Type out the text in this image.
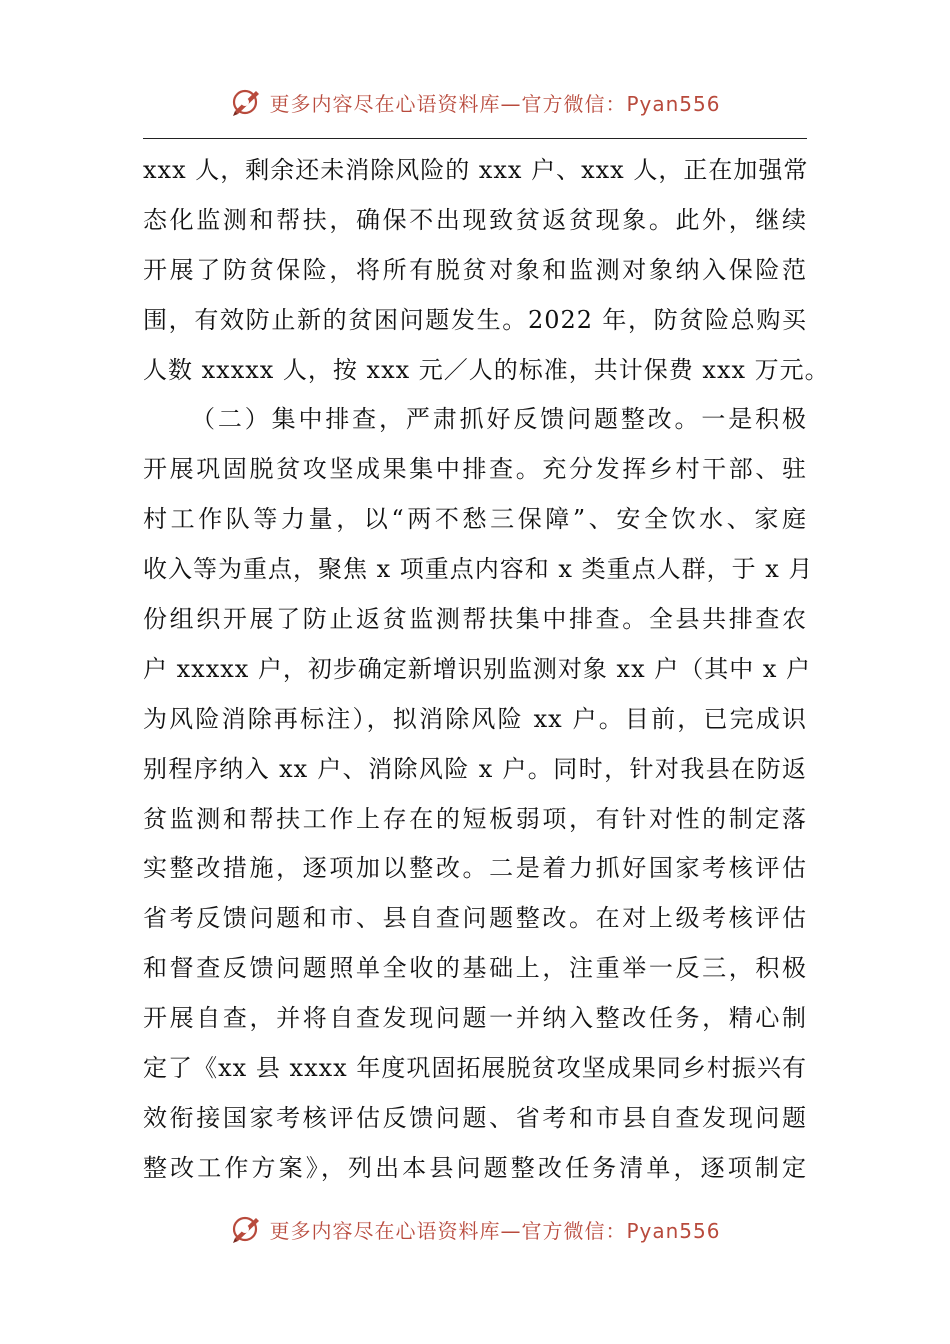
更多内容尽在心语资料库—官方微信：Pyan556
xxx 人，剩余还未消除风险的 xxx 户、xxx 人，正在加强常
态化监测和帮扶，确保不出现致贫返贫现象。此外，继续
开展了防贫保险，将所有脱贫对象和监测对象纳入保险范
围，有效防止新的贫困问题发生。2022 年，防贫险总购买
人数 xxxxx 人，按 xxx 元／人的标准，共计保费 xxx 万元。
（二）集中排查，严肃抓好反馈问题整改。一是积极
开展巩固脱贫攻坚成果集中排查。充分发挥乡村干部、驻
村工作队等力量，以“两不愁三保障”、安全饮水、家庭
收入等为重点，聚焦 x 项重点内容和 x 类重点人群，于 x 月
份组织开展了防止返贫监测帮扶集中排查。全县共排查农
户 xxxxx 户，初步确定新增识别监测对象 xx 户（其中 x 户
为风险消除再标注），拟消除风险 xx 户。目前，已完成识
别程序纳入 xx 户、消除风险 x 户。同时，针对我县在防返
贫监测和帮扶工作上存在的短板弱项，有针对性的制定落
实整改措施，逐项加以整改。二是着力抓好国家考核评估
省考反馈问题和市、县自查问题整改。在对上级考核评估
和督查反馈问题照单全收的基础上，注重举一反三，积极
开展自查，并将自查发现问题一并纳入整改任务，精心制
定了《xx 县 xxxx 年度巩固拓展脱贫攻坚成果同乡村振兴有
效衔接国家考核评估反馈问题、省考和市县自查发现问题
整改工作方案》，列出本县问题整改任务清单，逐项制定
更多内容尽在心语资料库—官方微信：Pyan556
